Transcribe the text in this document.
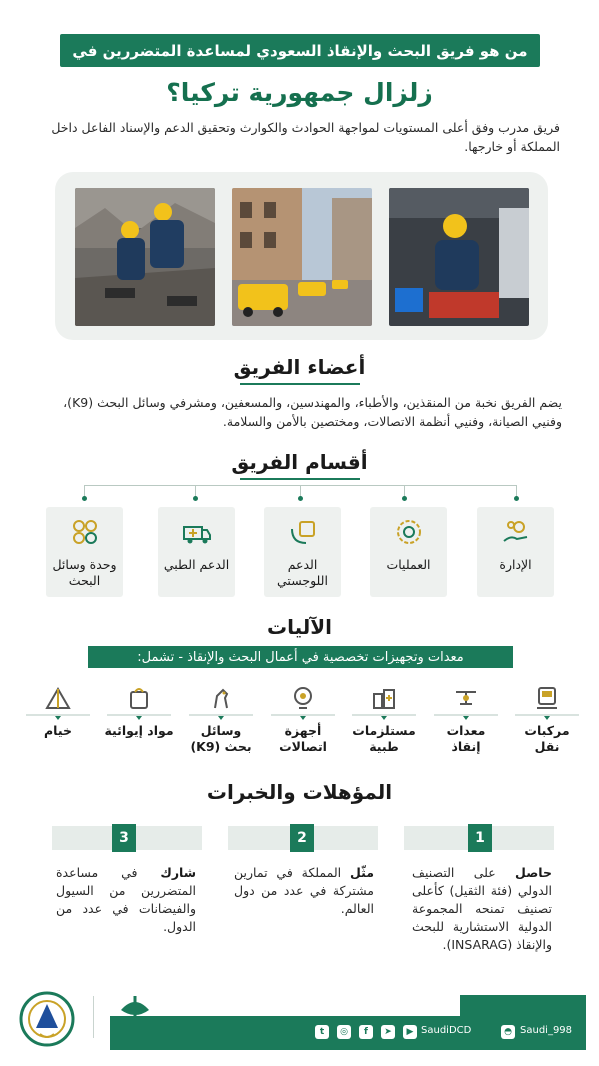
من هو فريق البحث والإنقاذ السعودي لمساعدة المتضررين في
زلزال جمهورية تركيا؟
فريق مدرب وفق أعلى المستويات لمواجهة الحوادث والكوارث وتحقيق الدعم والإسناد الفاعل داخل المملكة أو خارجها.
أعضاء الفريق
يضم الفريق نخبة من المنقذين، والأطباء، والمهندسين، والمسعفين، ومشرفي وسائل البحث (K9)، وفنيي الصيانة، وفنيي أنظمة الاتصالات، ومختصين بالأمن والسلامة.
أقسام الفريق
الإدارة
العمليات
الدعم اللوجستي
الدعم الطبي
وحدة وسائل البحث
الآليات
معدات وتجهيزات تخصصية في أعمال البحث والإنقاذ - تشمل:
مركبات نقل
معدات إنقاذ
مستلزمات طبية
أجهزة اتصالات
وسائل بحث (K9)
مواد إيوائية
خيام
المؤهلات والخبرات
1
2
3
حاصل على التصنيف الدولي (فئة الثقيل) كأعلى تصنيف تمنحه المجموعة الدولية الاستشارية للبحث والإنقاذ (INSARAG).
مثّل المملكة في تمارين مشتركة في عدد من دول العالم.
شارك في مساعدة المتضررين من السيول والفيضانات في عدد من الدول.
t	◎	f	➤	▶ SaudiDCD	◓ Saudi_998
